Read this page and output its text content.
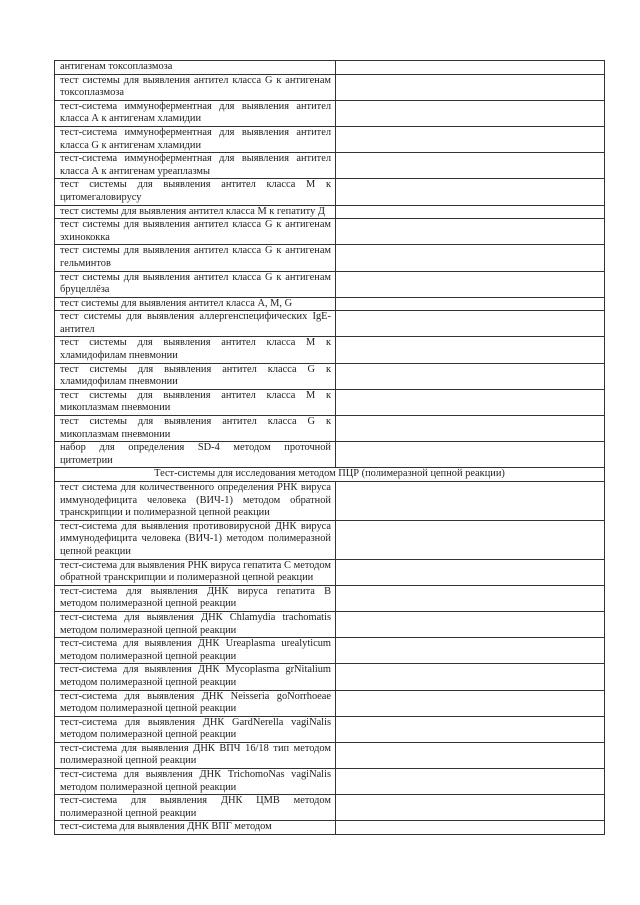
антигенам токсоплазмоза	
тест системы для выявления антител класса G к антигенам токсоплазмоза	
тест-система иммуноферментная для выявления антител класса А к антигенам хламидии	
тест-система иммуноферментная для выявления антител класса G к антигенам хламидии	
тест-система иммуноферментная для выявления антител класса А к антигенам уреаплазмы	
тест системы для выявления антител класса М к цитомегаловирусу	
тест системы для выявления антител класса М к гепатиту Д	
тест системы для выявления антител класса G к антигенам эхинококка	
тест системы для выявления антител класса G к антигенам гельминтов	
тест системы для выявления антител класса G к антигенам бруцеллёза	
тест системы для выявления антител класса А, М, G	
тест системы для выявления аллергенспецифических IgE-антител	
тест системы для выявления антител класса М к хламидофилам пневмонии	
тест системы для выявления антител класса G к хламидофилам пневмонии	
тест системы для выявления антител класса М к микоплазмам пневмонии	
тест системы для выявления антител класса G к микоплазмам пневмонии	
набор для определения SD-4 методом проточной цитометрии	
Тест-системы для исследования методом ПЦР (полимеразной цепной реакции)	
тест система для количественного определения РНК вируса иммунодефицита человека (ВИЧ-1) методом обратной транскрипции и полимеразной цепной реакции	
тест-система для выявления противовирусной ДНК вируса иммунодефицита человека (ВИЧ-1) методом полимеразной цепной реакции	
тест-система для выявления РНК вируса гепатита С методом обратной транскрипции и полимеразной цепной реакции	
тест-система для выявления ДНК вируса гепатита В методом полимеразной цепной реакции	
тест-система для выявления ДНК Chlamydia trachomatis методом полимеразной цепной реакции	
тест-система для выявления ДНК Ureaplasma urealyticum методом полимеразной цепной реакции	
тест-система для выявления ДНК Mycoplasma grNitalium методом полимеразной цепной реакции	
тест-система для выявления ДНК Neisseria goNorrhoeae методом полимеразной цепной реакции	
тест-система для выявления ДНК GardNerella vagiNalis методом полимеразной цепной реакции	
тест-система для выявления ДНК ВПЧ 16/18 тип методом полимеразной цепной реакции	
тест-система для выявления ДНК TrichomoNas vagiNalis методом полимеразной цепной реакции	
тест-система для выявления ДНК ЦМВ методом полимеразной цепной реакции	
тест-система для выявления ДНК ВПГ методом	
